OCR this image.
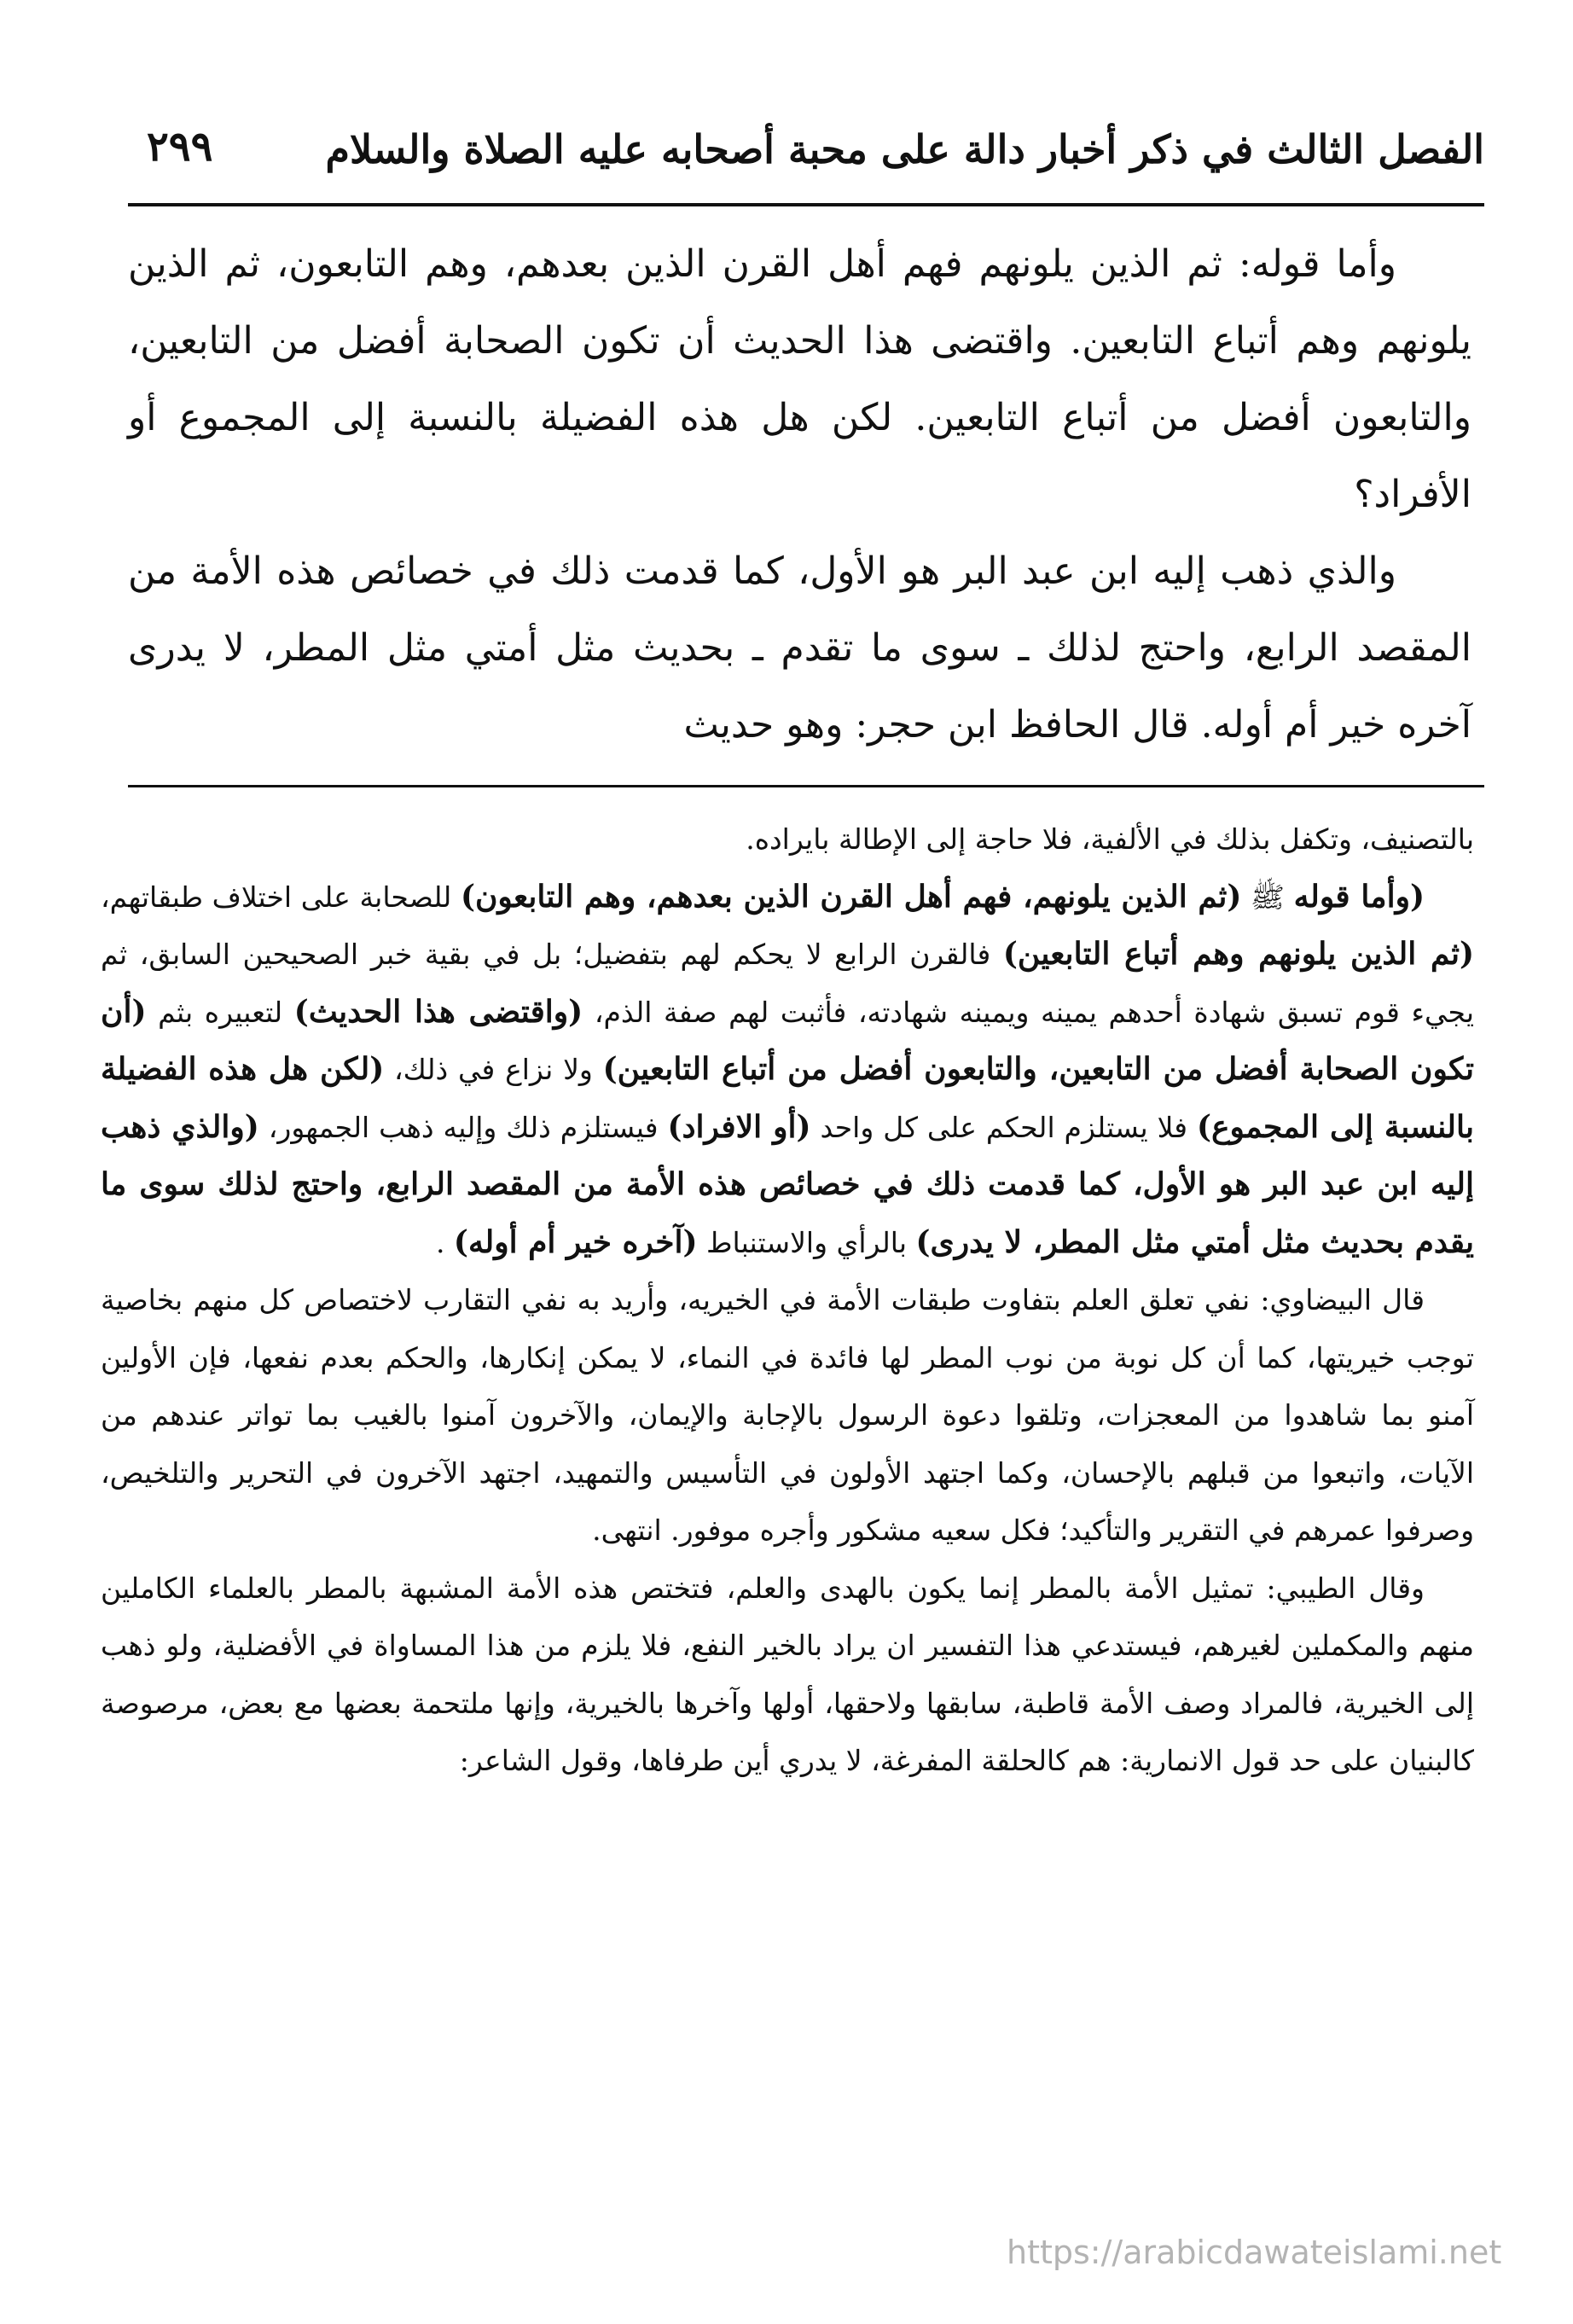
الفصل الثالث في ذكر أخبار دالة على محبة أصحابه عليه الصلاة والسلام
٢٩٩

وأما قوله: ثم الذين يلونهم فهم أهل القرن الذين بعدهم، وهم التابعون، ثم الذين يلونهم وهم أتباع التابعين. واقتضى هذا الحديث أن تكون الصحابة أفضل من التابعين، والتابعون أفضل من أتباع التابعين. لكن هل هذه الفضيلة بالنسبة إلى المجموع أو الأفراد؟

والذي ذهب إليه ابن عبد البر هو الأول، كما قدمت ذلك في خصائص هذه الأمة من المقصد الرابع، واحتج لذلك ـ سوى ما تقدم ـ بحديث مثل أمتي مثل المطر، لا يدرى آخره خير أم أوله. قال الحافظ ابن حجر: وهو حديث

بالتصنيف، وتكفل بذلك في الألفية، فلا حاجة إلى الإطالة بايراده.

(وأما قوله ﷺ (ثم الذين يلونهم، فهم أهل القرن الذين بعدهم، وهم التابعون) للصحابة على اختلاف طبقاتهم، (ثم الذين يلونهم وهم أتباع التابعين) فالقرن الرابع لا يحكم لهم بتفضيل؛ بل في بقية خبر الصحيحين السابق، ثم يجيء قوم تسبق شهادة أحدهم يمينه ويمينه شهادته، فأثبت لهم صفة الذم، (واقتضى هذا الحديث) لتعبيره بثم (أن تكون الصحابة أفضل من التابعين، والتابعون أفضل من أتباع التابعين) ولا نزاع في ذلك، (لكن هل هذه الفضيلة بالنسبة إلى المجموع) فلا يستلزم الحكم على كل واحد (أو الافراد) فيستلزم ذلك وإليه ذهب الجمهور، (والذي ذهب إليه ابن عبد البر هو الأول، كما قدمت ذلك في خصائص هذه الأمة من المقصد الرابع، واحتج لذلك سوى ما يقدم بحديث مثل أمتي مثل المطر، لا يدرى) بالرأي والاستنباط (آخره خير أم أوله) .

قال البيضاوي: نفي تعلق العلم بتفاوت طبقات الأمة في الخيريه، وأريد به نفي التقارب لاختصاص كل منهم بخاصية توجب خيريتها، كما أن كل نوبة من نوب المطر لها فائدة في النماء، لا يمكن إنكارها، والحكم بعدم نفعها، فإن الأولين آمنو بما شاهدوا من المعجزات، وتلقوا دعوة الرسول بالإجابة والإيمان، والآخرون آمنوا بالغيب بما تواتر عندهم من الآيات، واتبعوا من قبلهم بالإحسان، وكما اجتهد الأولون في التأسيس والتمهيد، اجتهد الآخرون في التحرير والتلخيص، وصرفوا عمرهم في التقرير والتأكيد؛ فكل سعيه مشكور وأجره موفور. انتهى.

وقال الطيبي: تمثيل الأمة بالمطر إنما يكون بالهدى والعلم، فتختص هذه الأمة المشبهة بالمطر بالعلماء الكاملين منهم والمكملين لغيرهم، فيستدعي هذا التفسير ان يراد بالخير النفع، فلا يلزم من هذا المساواة في الأفضلية، ولو ذهب إلى الخيرية، فالمراد وصف الأمة قاطبة، سابقها ولاحقها، أولها وآخرها بالخيرية، وإنها ملتحمة بعضها مع بعض، مرصوصة كالبنيان على حد قول الانمارية: هم كالحلقة المفرغة، لا يدري أين طرفاها، وقول الشاعر:

https://arabicdawateislami.net
